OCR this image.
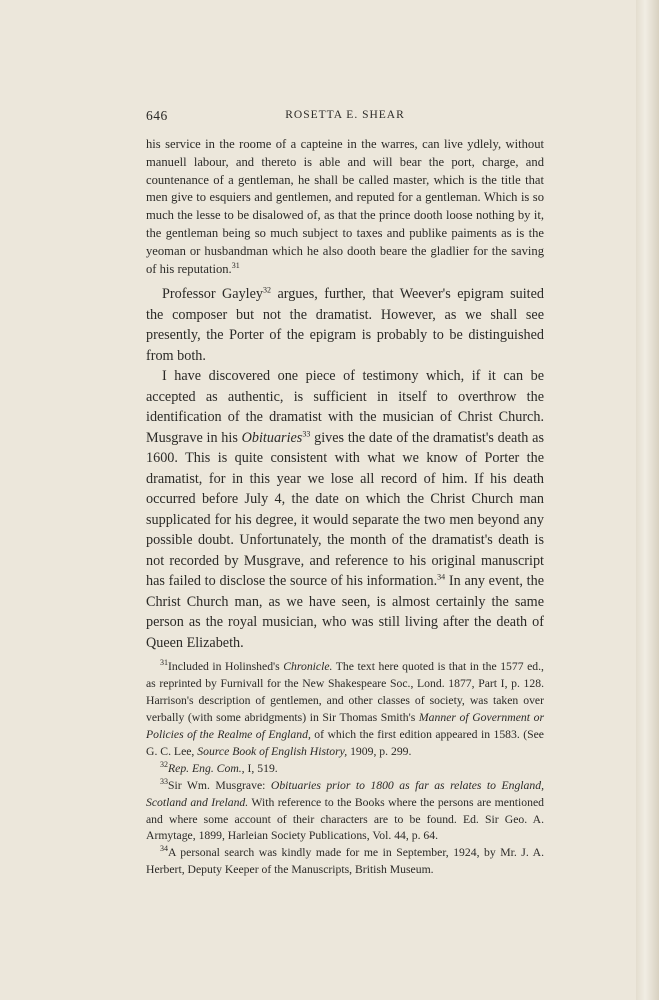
646	ROSETTA E. SHEAR

his service in the roome of a capteine in the warres, can live ydlely, without manuell labour, and thereto is able and will bear the port, charge, and countenance of a gentleman, he shall be called master, which is the title that men give to esquiers and gentlemen, and reputed for a gentleman. Which is so much the lesse to be disalowed of, as that the prince dooth loose nothing by it, the gentleman being so much subject to taxes and publike paiments as is the yeoman or husbandman which he also dooth beare the gladlier for the saving of his reputation.$^{31}$

Professor Gayley$^{32}$ argues, further, that Weever's epigram suited the composer but not the dramatist. However, as we shall see presently, the Porter of the epigram is probably to be distinguished from both.

I have discovered one piece of testimony which, if it can be accepted as authentic, is sufficient in itself to overthrow the identification of the dramatist with the musician of Christ Church. Musgrave in his Obituaries$^{33}$ gives the date of the dramatist's death as 1600. This is quite consistent with what we know of Porter the dramatist, for in this year we lose all record of him. If his death occurred before July 4, the date on which the Christ Church man supplicated for his degree, it would separate the two men beyond any possible doubt. Unfortunately, the month of the dramatist's death is not recorded by Musgrave, and reference to his original manuscript has failed to disclose the source of his information.$^{34}$ In any event, the Christ Church man, as we have seen, is almost certainly the same person as the royal musician, who was still living after the death of Queen Elizabeth.

$^{31}$Included in Holinshed's Chronicle. The text here quoted is that in the 1577 ed., as reprinted by Furnivall for the New Shakespeare Soc., Lond. 1877, Part I, p. 128. Harrison's description of gentlemen, and other classes of society, was taken over verbally (with some abridgments) in Sir Thomas Smith's Manner of Government or Policies of the Realme of England, of which the first edition appeared in 1583. (See G. C. Lee, Source Book of English History, 1909, p. 299.

$^{32}$Rep. Eng. Com., I, 519.

$^{33}$Sir Wm. Musgrave: Obituaries prior to 1800 as far as relates to England, Scotland and Ireland. With reference to the Books where the persons are mentioned and where some account of their characters are to be found. Ed. Sir Geo. A. Armytage, 1899, Harleian Society Publications, Vol. 44, p. 64.

$^{34}$A personal search was kindly made for me in September, 1924, by Mr. J. A. Herbert, Deputy Keeper of the Manuscripts, British Museum.
